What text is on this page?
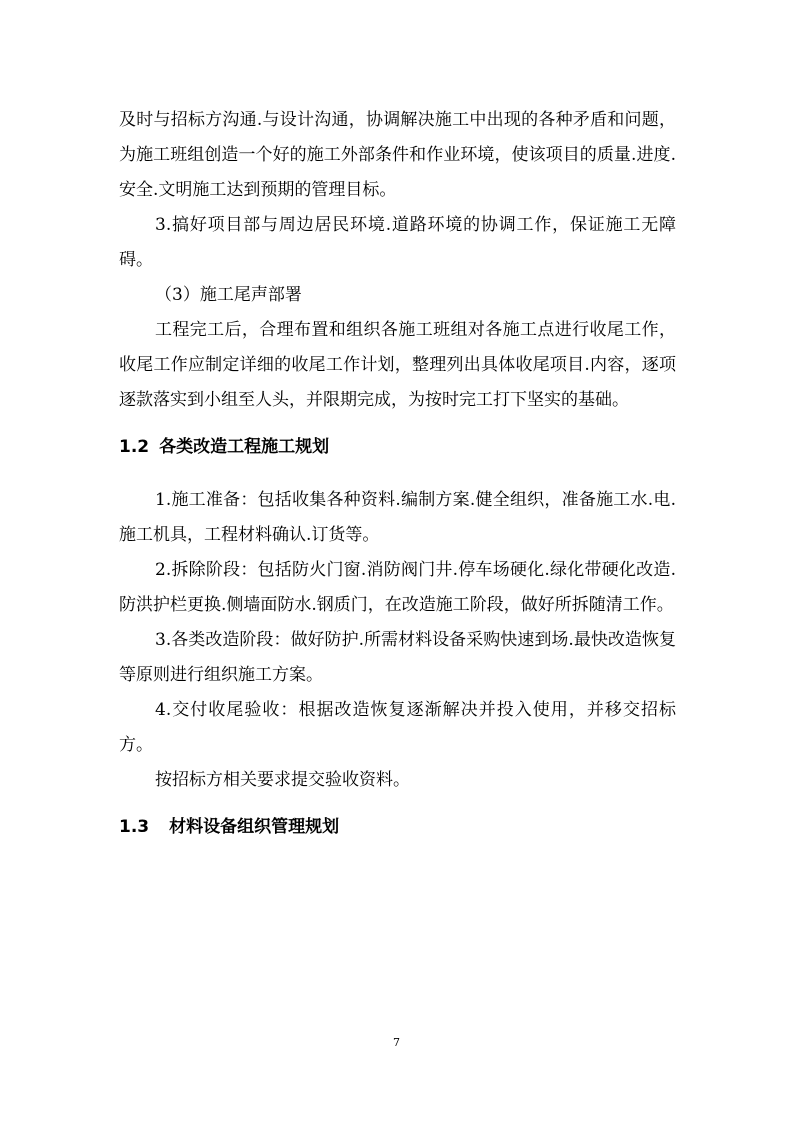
及时与招标方沟通.与设计沟通，协调解决施工中出现的各种矛盾和问题，为施工班组创造一个好的施工外部条件和作业环境，使该项目的质量.进度.安全.文明施工达到预期的管理目标。

3.搞好项目部与周边居民环境.道路环境的协调工作，保证施工无障碍。

（3）施工尾声部署

工程完工后，合理布置和组织各施工班组对各施工点进行收尾工作，收尾工作应制定详细的收尾工作计划，整理列出具体收尾项目.内容，逐项逐款落实到小组至人头，并限期完成，为按时完工打下坚实的基础。

1.2 各类改造工程施工规划

1.施工准备：包括收集各种资料.编制方案.健全组织，准备施工水.电.施工机具，工程材料确认.订货等。

2.拆除阶段：包括防火门窗.消防阀门井.停车场硬化.绿化带硬化改造.防洪护栏更换.侧墙面防水.钢质门，在改造施工阶段，做好所拆随清工作。

3.各类改造阶段：做好防护.所需材料设备采购快速到场.最快改造恢复等原则进行组织施工方案。

4.交付收尾验收：根据改造恢复逐渐解决并投入使用，并移交招标方。

按招标方相关要求提交验收资料。

1.3 材料设备组织管理规划
7
